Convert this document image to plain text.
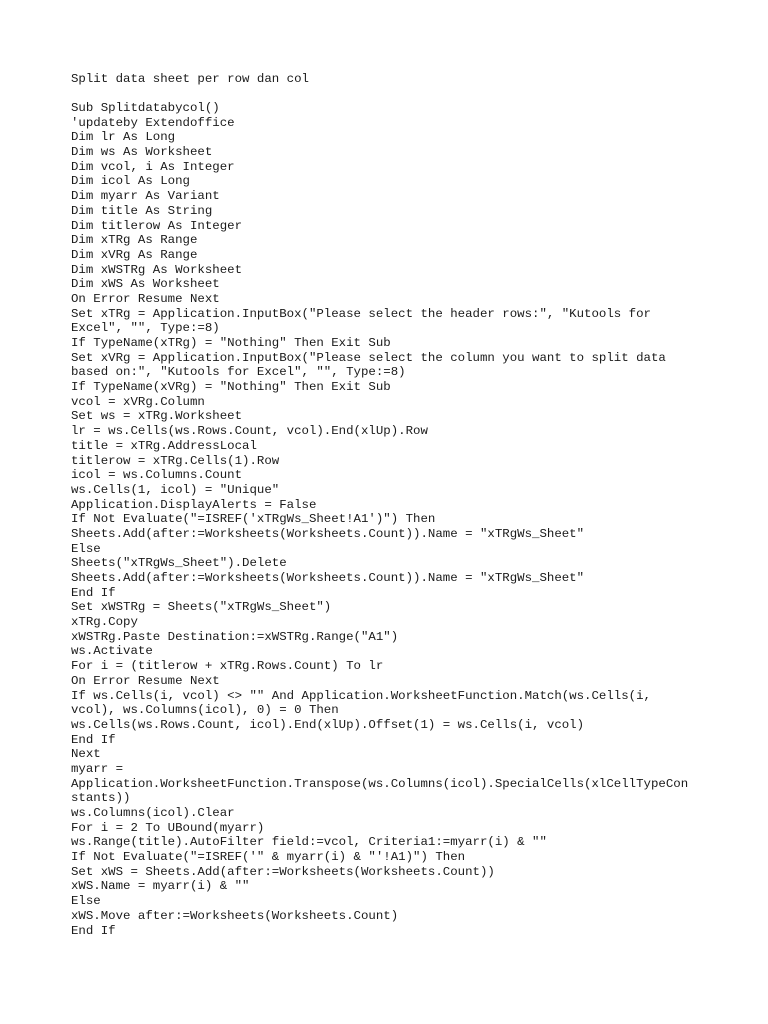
Split data sheet per row dan col
Sub Splitdatabycol()
'updateby Extendoffice
Dim lr As Long
Dim ws As Worksheet
Dim vcol, i As Integer
Dim icol As Long
Dim myarr As Variant
Dim title As String
Dim titlerow As Integer
Dim xTRg As Range
Dim xVRg As Range
Dim xWSTRg As Worksheet
Dim xWS As Worksheet
On Error Resume Next
Set xTRg = Application.InputBox("Please select the header rows:", "Kutools for
Excel", "", Type:=8)
If TypeName(xTRg) = "Nothing" Then Exit Sub
Set xVRg = Application.InputBox("Please select the column you want to split data
based on:", "Kutools for Excel", "", Type:=8)
If TypeName(xVRg) = "Nothing" Then Exit Sub
vcol = xVRg.Column
Set ws = xTRg.Worksheet
lr = ws.Cells(ws.Rows.Count, vcol).End(xlUp).Row
title = xTRg.AddressLocal
titlerow = xTRg.Cells(1).Row
icol = ws.Columns.Count
ws.Cells(1, icol) = "Unique"
Application.DisplayAlerts = False
If Not Evaluate("=ISREF('xTRgWs_Sheet!A1')") Then
Sheets.Add(after:=Worksheets(Worksheets.Count)).Name = "xTRgWs_Sheet"
Else
Sheets("xTRgWs_Sheet").Delete
Sheets.Add(after:=Worksheets(Worksheets.Count)).Name = "xTRgWs_Sheet"
End If
Set xWSTRg = Sheets("xTRgWs_Sheet")
xTRg.Copy
xWSTRg.Paste Destination:=xWSTRg.Range("A1")
ws.Activate
For i = (titlerow + xTRg.Rows.Count) To lr
On Error Resume Next
If ws.Cells(i, vcol) <> "" And Application.WorksheetFunction.Match(ws.Cells(i,
vcol), ws.Columns(icol), 0) = 0 Then
ws.Cells(ws.Rows.Count, icol).End(xlUp).Offset(1) = ws.Cells(i, vcol)
End If
Next
myarr =
Application.WorksheetFunction.Transpose(ws.Columns(icol).SpecialCells(xlCellTypeCon
stants))
ws.Columns(icol).Clear
For i = 2 To UBound(myarr)
ws.Range(title).AutoFilter field:=vcol, Criteria1:=myarr(i) & ""
If Not Evaluate("=ISREF('" & myarr(i) & "'!A1)") Then
Set xWS = Sheets.Add(after:=Worksheets(Worksheets.Count))
xWS.Name = myarr(i) & ""
Else
xWS.Move after:=Worksheets(Worksheets.Count)
End If
